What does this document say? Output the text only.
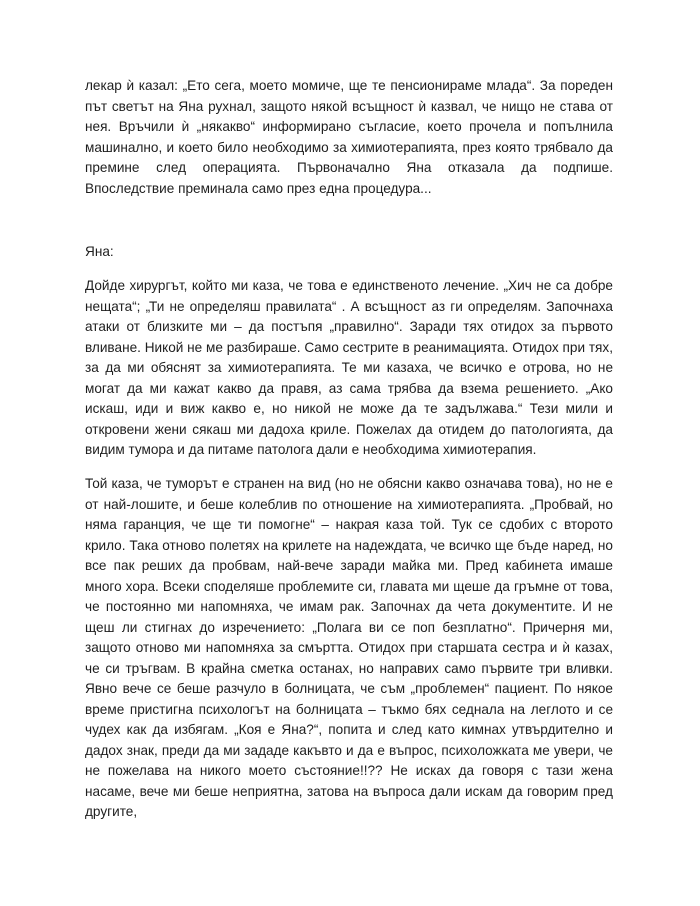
лекар ѝ казал: „Ето сега, моето момиче, ще те пенсионираме млада“. За пореден път светът на Яна рухнал, защото някой всъщност ѝ казвал, че нищо не става от нея. Връчили ѝ „някакво“ информирано съгласие, което прочела и попълнила машинално, и което било необходимо за химиотерапията, през която трябвало да премине след операцията. Първоначално Яна отказала да подпише. Впоследствие преминала само през една процедура...

Яна:

Дойде хирургът, който ми каза, че това е единственото лечение. „Хич не са добре нещата“; „Ти не определяш правилата“ . А всъщност аз ги определям. Започнаха атаки от близките ми – да постъпя „правилно“. Заради тях отидох за първото вливане. Никой не ме разбираше. Само сестрите в реанимацията. Отидох при тях, за да ми обяснят за химиотерапията. Те ми казаха, че всичко е отрова, но не могат да ми кажат какво да правя, аз сама трябва да взема решението. „Ако искаш, иди и виж какво е, но никой не може да те задължава.“ Тези мили и откровени жени сякаш ми дадоха криле. Пожелах да отидем до патологията, да видим тумора и да питаме патолога дали е необходима химиотерапия.

Той каза, че туморът е странен на вид (но не обясни какво означава това), но не е от най-лошите, и беше колеблив по отношение на химиотерапията. „Пробвай, но няма гаранция, че ще ти помогне“ – накрая каза той. Тук се сдобих с второто крило. Така отново полетях на крилете на надеждата, че всичко ще бъде наред, но все пак реших да пробвам, най-вече заради майка ми. Пред кабинета имаше много хора. Всеки споделяше проблемите си, главата ми щеше да гръмне от това, че постоянно ми напомняха, че имам рак. Започнах да чета документите. И не щеш ли стигнах до изречението: „Полага ви се поп безплатно“. Причерня ми, защото отново ми напомняха за смъртта. Отидох при старшата сестра и ѝ казах, че си тръгвам. В крайна сметка останах, но направих само първите три вливки. Явно вече се беше разчуло в болницата, че съм „проблемен“ пациент. По някое време пристигна психологът на болницата – тъкмо бях седнала на леглото и се чудех как да избягам. „Коя е Яна?“, попита и след като кимнах утвърдително и дадох знак, преди да ми зададе какъвто и да е въпрос, психоложката ме увери, че не пожелава на никого моето състояние!!?? Не исках да говоря с тази жена насаме, вече ми беше неприятна, затова на въпроса дали искам да говорим пред другите,
